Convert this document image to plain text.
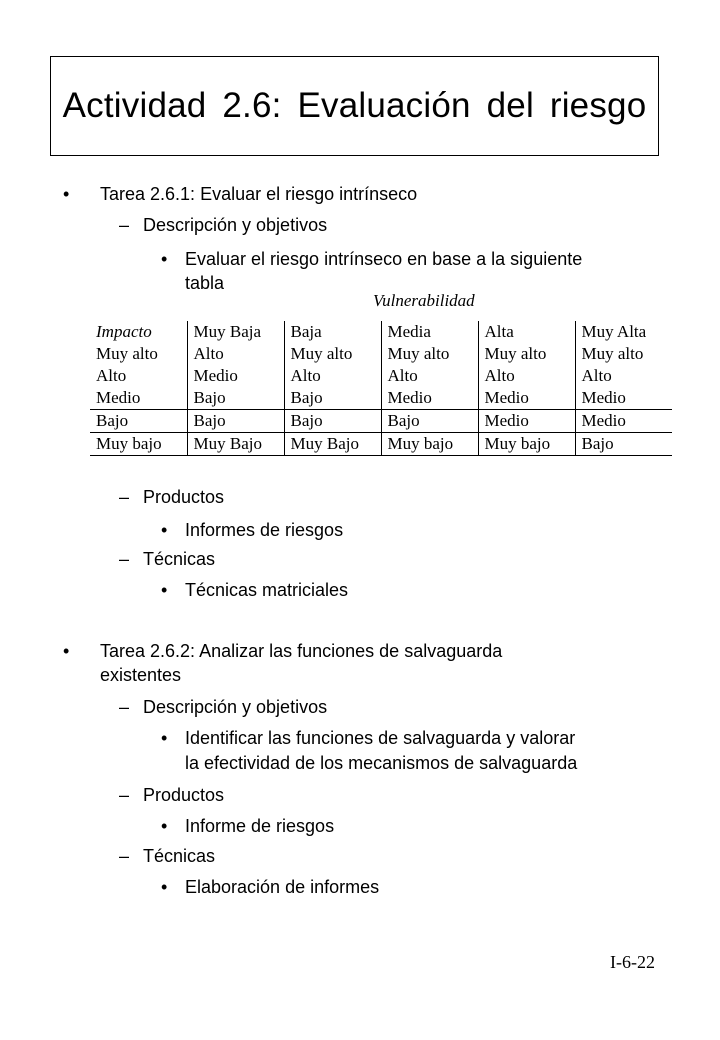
Actividad 2.6: Evaluación del riesgo
• Tarea 2.6.1: Evaluar el riesgo intrínseco
– Descripción y objetivos
• Evaluar el riesgo intrínseco en base a la siguiente
tabla
Vulnerabilidad
Impacto	Muy Baja	Baja	Media	Alta	Muy Alta
Muy alto	Alto	Muy alto	Muy alto	Muy alto	Muy alto
Alto	Medio	Alto	Alto	Alto	Alto
Medio	Bajo	Bajo	Medio	Medio	Medio
Bajo	Bajo	Bajo	Bajo	Medio	Medio
Muy bajo	Muy Bajo	Muy Bajo	Muy bajo	Muy bajo	Bajo
– Productos
• Informes de riesgos
– Técnicas
• Técnicas matriciales
• Tarea 2.6.2: Analizar las funciones de salvaguarda
existentes
– Descripción y objetivos
• Identificar las funciones de salvaguarda y valorar
la efectividad de los mecanismos de salvaguarda
– Productos
• Informe de riesgos
– Técnicas
• Elaboración de informes
I-6-22
